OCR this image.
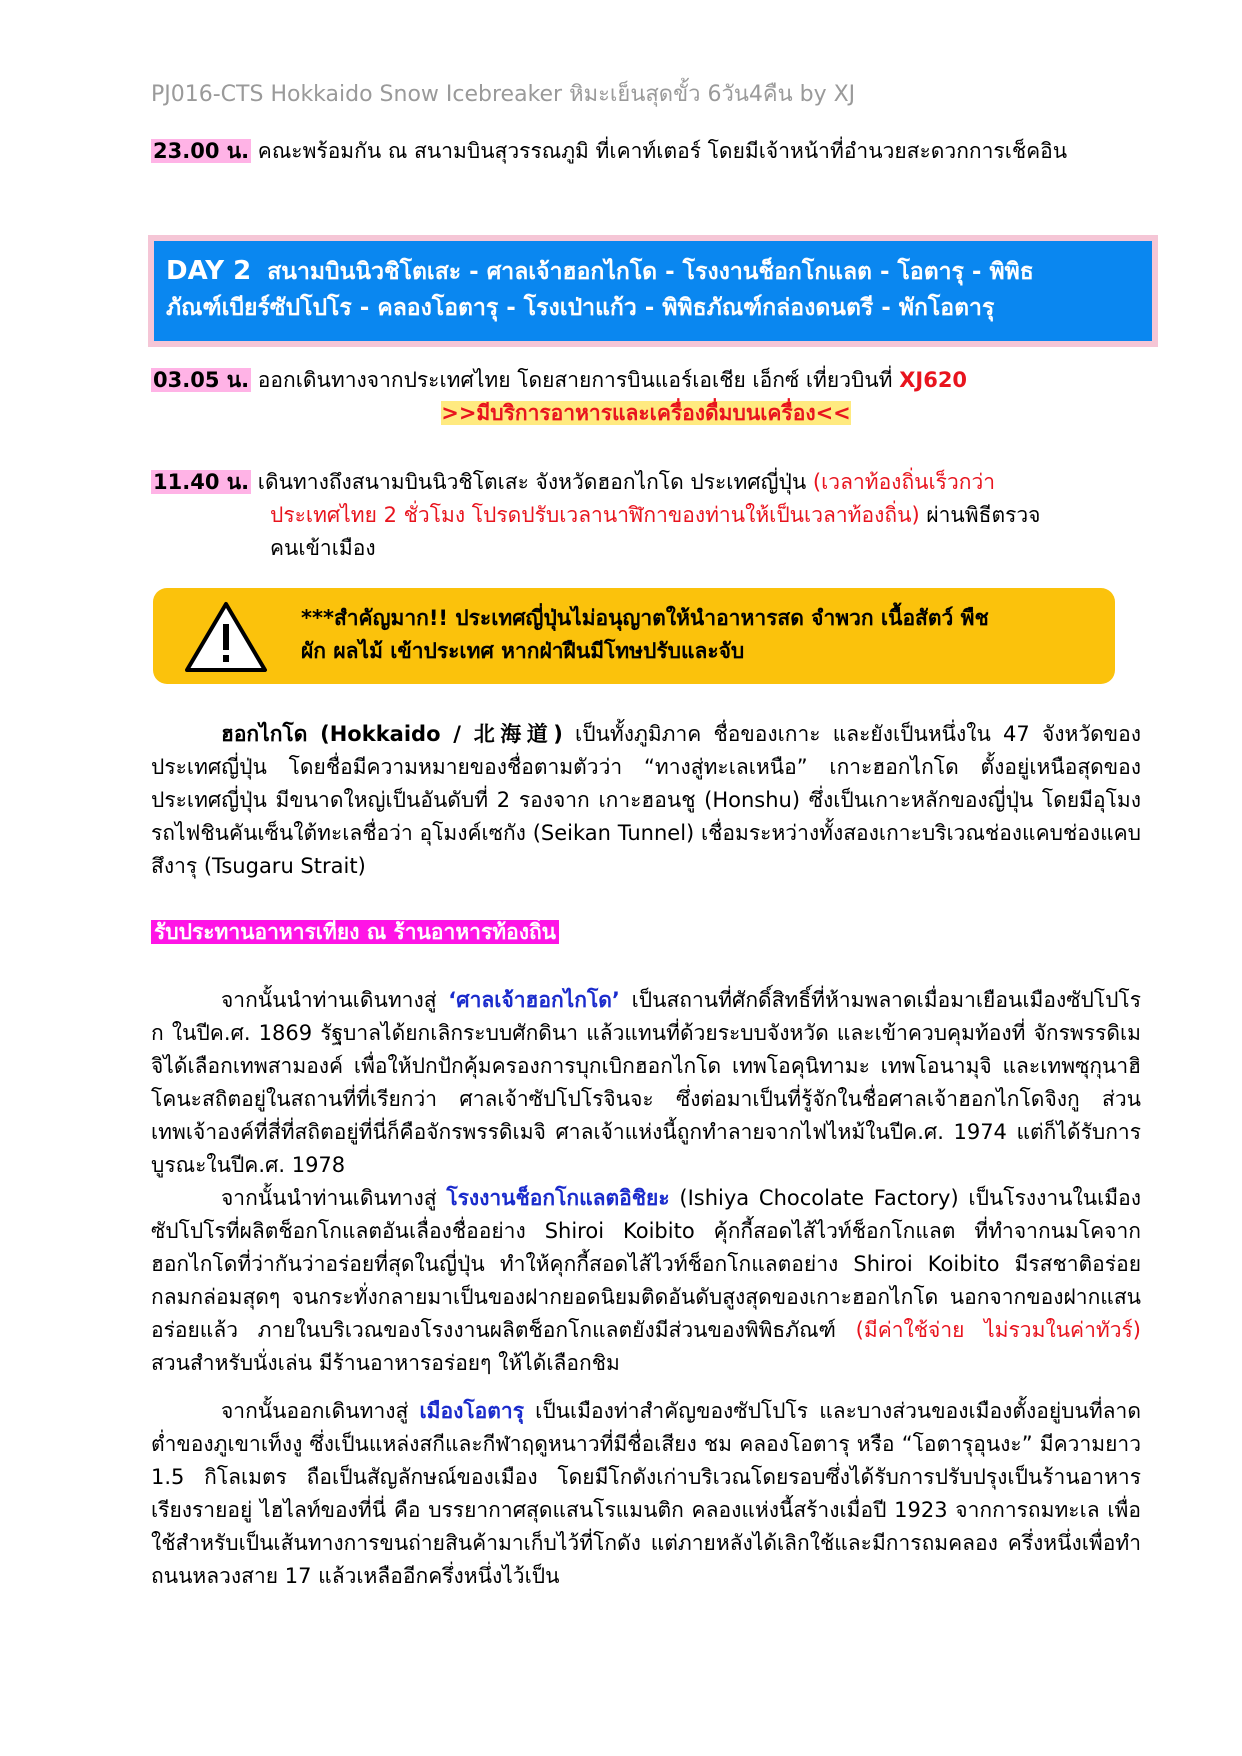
PJ016-CTS Hokkaido Snow Icebreaker หิมะเย็นสุดขั้ว 6วัน4คืน by XJ
23.00 น. คณะพร้อมกัน ณ สนามบินสุวรรณภูมิ ที่เคาท์เตอร์ โดยมีเจ้าหน้าที่อำนวยสะดวกการเช็คอิน
DAY 2 สนามบินนิวชิโตเสะ - ศาลเจ้าฮอกไกโด - โรงงานช็อกโกแลต - โอตารุ - พิพิธ
ภัณฑ์เบียร์ซัปโปโร - คลองโอตารุ - โรงเป่าแก้ว - พิพิธภัณฑ์กล่องดนตรี - พักโอตารุ
03.05 น. ออกเดินทางจากประเทศไทย โดยสายการบินแอร์เอเชีย เอ็กซ์ เที่ยวบินที่ XJ620
>>มีบริการอาหารและเครื่องดื่มบนเครื่อง<<
11.40 น. เดินทางถึงสนามบินนิวชิโตเสะ จังหวัดฮอกไกโด ประเทศญี่ปุ่น (เวลาท้องถิ่นเร็วกว่า
ประเทศไทย 2 ชั่วโมง โปรดปรับเวลานาฬิกาของท่านให้เป็นเวลาท้องถิ่น) ผ่านพิธีตรวจ
คนเข้าเมือง
***สำคัญมาก!! ประเทศญี่ปุ่นไม่อนุญาตให้นำอาหารสด จำพวก เนื้อสัตว์ พืช
ผัก ผลไม้ เข้าประเทศ หากฝ่าฝืนมีโทษปรับและจับ
ฮอกไกโด (Hokkaido / 北海道) เป็นทั้งภูมิภาค ชื่อของเกาะ และยังเป็นหนึ่งใน 47 จังหวัดของประเทศญี่ปุ่น โดยชื่อมีความหมายของชื่อตามตัวว่า “ทางสู่ทะเลเหนือ” เกาะฮอกไกโด ตั้งอยู่เหนือสุดของประเทศญี่ปุ่น มีขนาดใหญ่เป็นอันดับที่ 2 รองจาก เกาะฮอนชู (Honshu) ซึ่งเป็นเกาะหลักของญี่ปุ่น โดยมีอุโมงรถไฟชินคันเซ็นใต้ทะเลชื่อว่า อุโมงค์เซกัง (Seikan Tunnel) เชื่อมระหว่างทั้งสองเกาะบริเวณช่องแคบช่องแคบสึงารุ (Tsugaru Strait)
รับประทานอาหารเที่ยง ณ ร้านอาหารท้องถิ่น
จากนั้นนำท่านเดินทางสู่ ‘ศาลเจ้าฮอกไกโด’ เป็นสถานที่ศักดิ์สิทธิ์ที่ห้ามพลาดเมื่อมาเยือนเมืองซัปโปโร ก ในปีค.ศ. 1869 รัฐบาลได้ยกเลิกระบบศักดินา แล้วแทนที่ด้วยระบบจังหวัด และเข้าควบคุมท้องที่ จักรพรรดิเมจิได้เลือกเทพสามองค์ เพื่อให้ปกปักคุ้มครองการบุกเบิกฮอกไกโด เทพโอคุนิทามะ เทพโอนามุจิ และเทพซุกุนาฮิโคนะสถิตอยู่ในสถานที่ที่เรียกว่า ศาลเจ้าซัปโปโรจินจะ ซึ่งต่อมาเป็นที่รู้จักในชื่อศาลเจ้าฮอกไกโดจิงกู ส่วนเทพเจ้าองค์ที่สี่ที่สถิตอยู่ที่นี่ก็คือจักรพรรดิเมจิ ศาลเจ้าแห่งนี้ถูกทำลายจากไฟไหม้ในปีค.ศ. 1974 แต่ก็ได้รับการบูรณะในปีค.ศ. 1978
จากนั้นนำท่านเดินทางสู่ โรงงานช็อกโกแลตอิชิยะ (Ishiya Chocolate Factory) เป็นโรงงานในเมืองซัปโปโรที่ผลิตช็อกโกแลตอันเลื่องชื่ออย่าง Shiroi Koibito คุ้กกี้สอดไส้ไวท์ช็อกโกแลต ที่ทำจากนมโคจากฮอกไกโดที่ว่ากันว่าอร่อยที่สุดในญี่ปุ่น ทำให้คุกกี้สอดไส้ไวท์ช็อกโกแลตอย่าง Shiroi Koibito มีรสชาติอร่อยกลมกล่อมสุดๆ จนกระทั่งกลายมาเป็นของฝากยอดนิยมติดอันดับสูงสุดของเกาะฮอกไกโด นอกจากของฝากแสนอร่อยแล้ว ภายในบริเวณของโรงงานผลิตช็อกโกแลตยังมีส่วนของพิพิธภัณฑ์ (มีค่าใช้จ่าย ไม่รวมในค่าทัวร์) สวนสำหรับนั่งเล่น มีร้านอาหารอร่อยๆ ให้ได้เลือกชิม
จากนั้นออกเดินทางสู่ เมืองโอตารุ เป็นเมืองท่าสำคัญของซัปโปโร และบางส่วนของเมืองตั้งอยู่บนที่ลาด ต่ำของภูเขาเท็งงู ซึ่งเป็นแหล่งสกีและกีฬาฤดูหนาวที่มีชื่อเสียง ชม คลองโอตารุ หรือ “โอตารุอุนงะ” มีความยาว 1.5 กิโลเมตร ถือเป็นสัญลักษณ์ของเมือง โดยมีโกดังเก่าบริเวณโดยรอบซึ่งได้รับการปรับปรุงเป็นร้านอาหารเรียงรายอยู่ ไฮไลท์ของที่นี่ คือ บรรยากาศสุดแสนโรแมนติก คลองแห่งนี้สร้างเมื่อปี 1923 จากการถมทะเล เพื่อใช้สำหรับเป็นเส้นทางการขนถ่ายสินค้ามาเก็บไว้ที่โกดัง แต่ภายหลังได้เลิกใช้และมีการถมคลอง ครึ่งหนึ่งเพื่อทำถนนหลวงสาย 17 แล้วเหลืออีกครึ่งหนึ่งไว้เป็น
